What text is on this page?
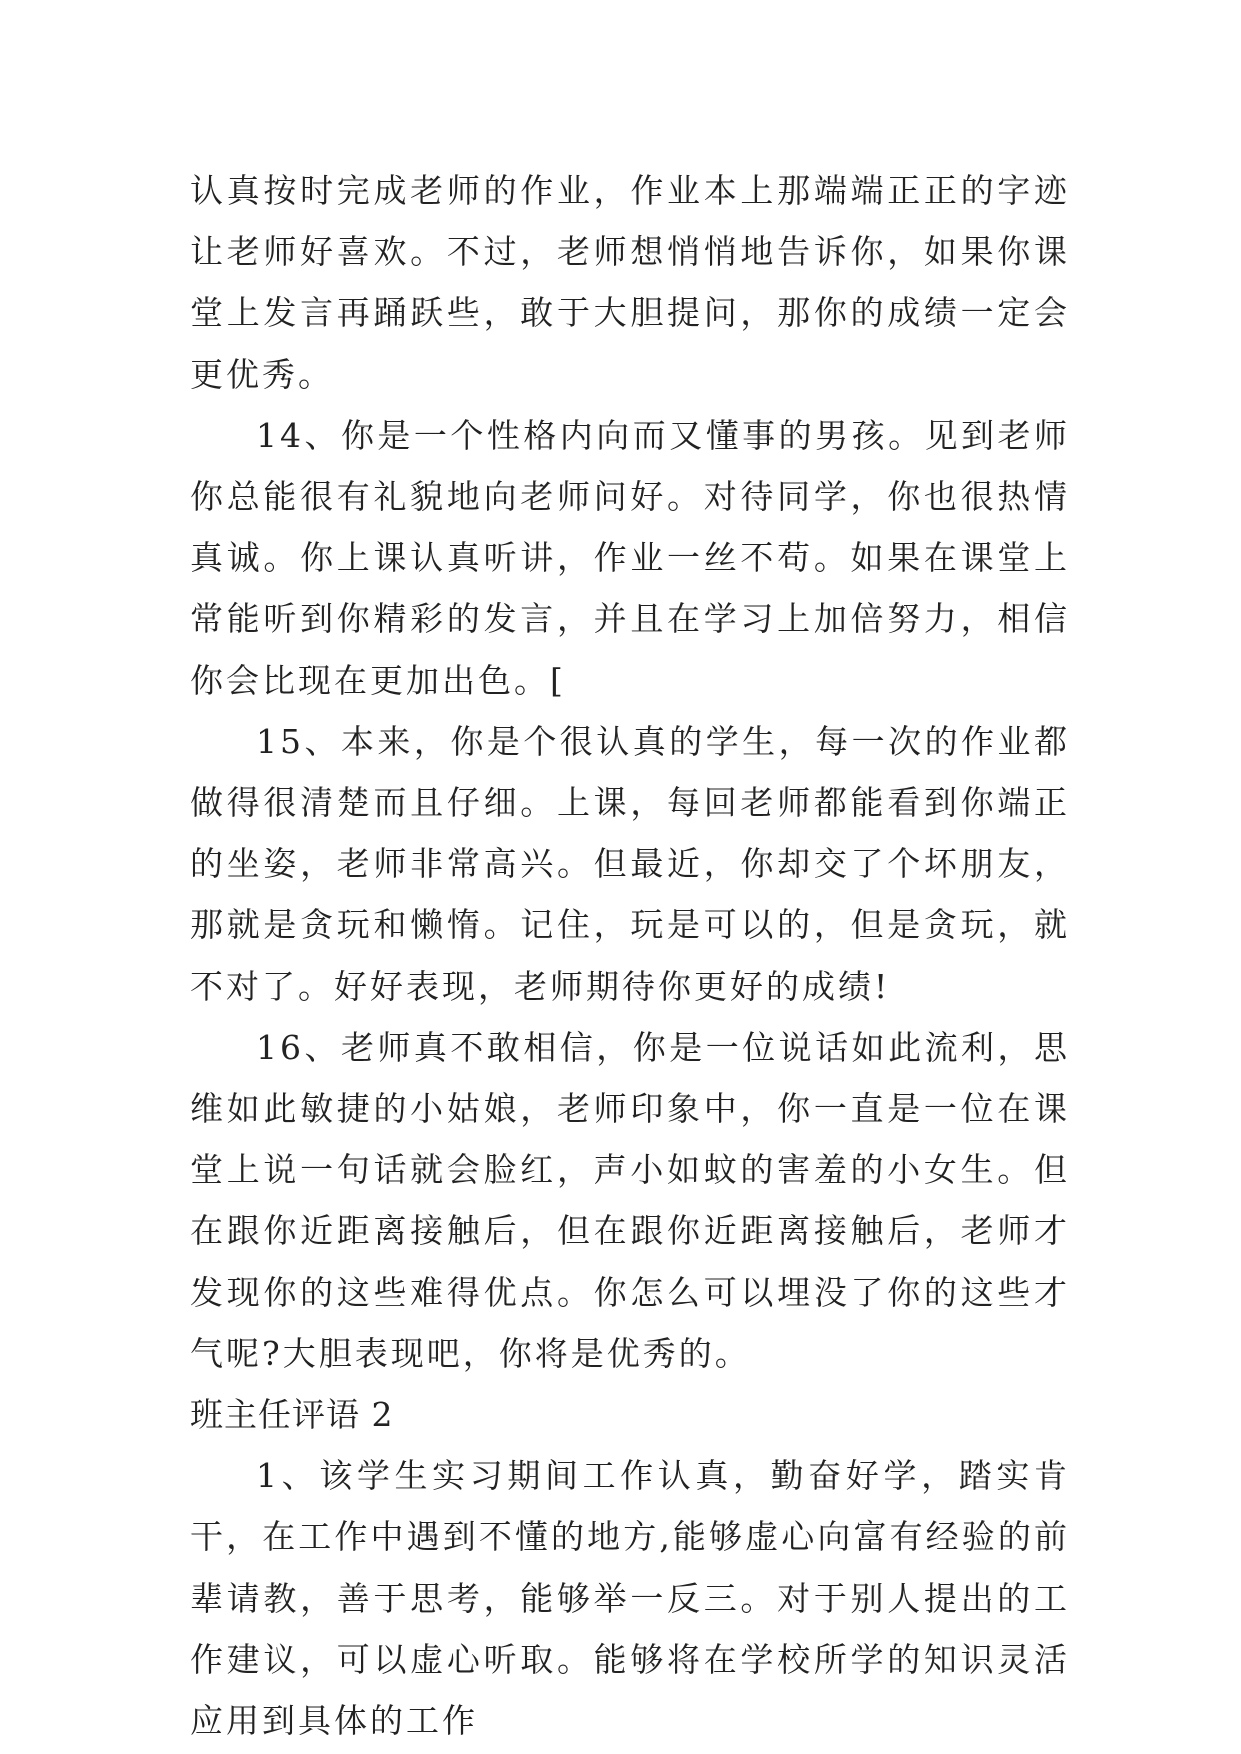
认真按时完成老师的作业，作业本上那端端正正的字迹让老师好喜欢。不过，老师想悄悄地告诉你，如果你课堂上发言再踊跃些，敢于大胆提问，那你的成绩一定会更优秀。

14、你是一个性格内向而又懂事的男孩。见到老师你总能很有礼貌地向老师问好。对待同学，你也很热情真诚。你上课认真听讲，作业一丝不苟。如果在课堂上常能听到你精彩的发言，并且在学习上加倍努力，相信你会比现在更加出色。[

15、本来，你是个很认真的学生，每一次的作业都做得很清楚而且仔细。上课，每回老师都能看到你端正的坐姿，老师非常高兴。但最近，你却交了个坏朋友，那就是贪玩和懒惰。记住，玩是可以的，但是贪玩，就不对了。好好表现，老师期待你更好的成绩!

16、老师真不敢相信，你是一位说话如此流利，思维如此敏捷的小姑娘，老师印象中，你一直是一位在课堂上说一句话就会脸红，声小如蚊的害羞的小女生。但在跟你近距离接触后，但在跟你近距离接触后，老师才发现你的这些难得优点。你怎么可以埋没了你的这些才气呢?大胆表现吧，你将是优秀的。

班主任评语 2

1、该学生实习期间工作认真，勤奋好学，踏实肯干，在工作中遇到不懂的地方,能够虚心向富有经验的前辈请教，善于思考，能够举一反三。对于别人提出的工作建议，可以虚心听取。能够将在学校所学的知识灵活应用到具体的工作
